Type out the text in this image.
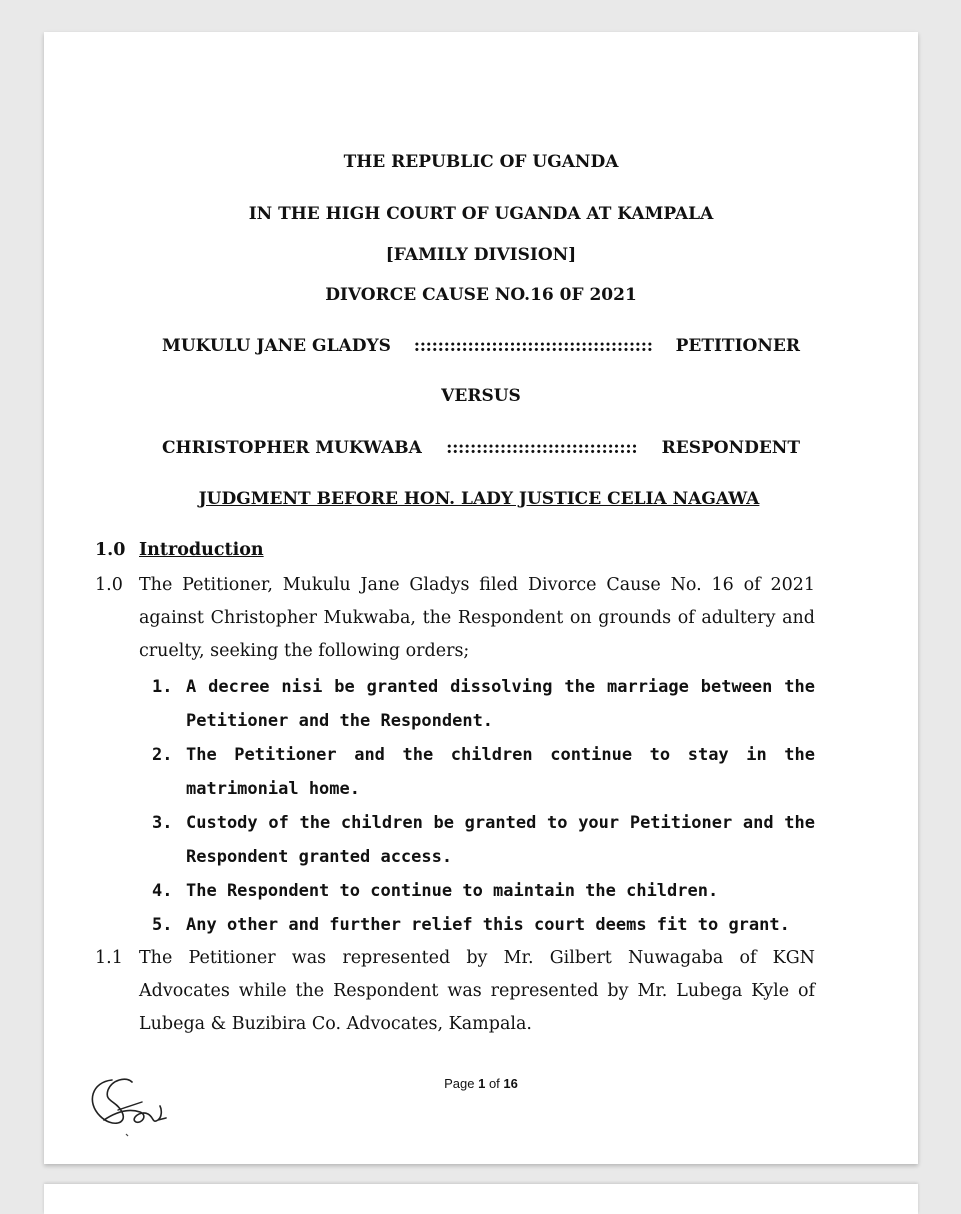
THE REPUBLIC OF UGANDA
IN THE HIGH COURT OF UGANDA AT KAMPALA
[FAMILY DIVISION]
DIVORCE CAUSE NO.16 0F 2021
MUKULU JANE GLADYS :::::::::::::::::::::::::::::::::::::::: PETITIONER
VERSUS
CHRISTOPHER MUKWABA :::::::::::::::::::::::::::::::: RESPONDENT
JUDGMENT BEFORE HON. LADY JUSTICE CELIA NAGAWA
1.0 Introduction
1.0 The Petitioner, Mukulu Jane Gladys filed Divorce Cause No. 16 of 2021 against Christopher Mukwaba, the Respondent on grounds of adultery and cruelty, seeking the following orders;
1. A decree nisi be granted dissolving the marriage between the Petitioner and the Respondent.
2. The Petitioner and the children continue to stay in the matrimonial home.
3. Custody of the children be granted to your Petitioner and the Respondent granted access.
4. The Respondent to continue to maintain the children.
5. Any other and further relief this court deems fit to grant.
1.1 The Petitioner was represented by Mr. Gilbert Nuwagaba of KGN Advocates while the Respondent was represented by Mr. Lubega Kyle of Lubega & Buzibira Co. Advocates, Kampala.
Page 1 of 16
